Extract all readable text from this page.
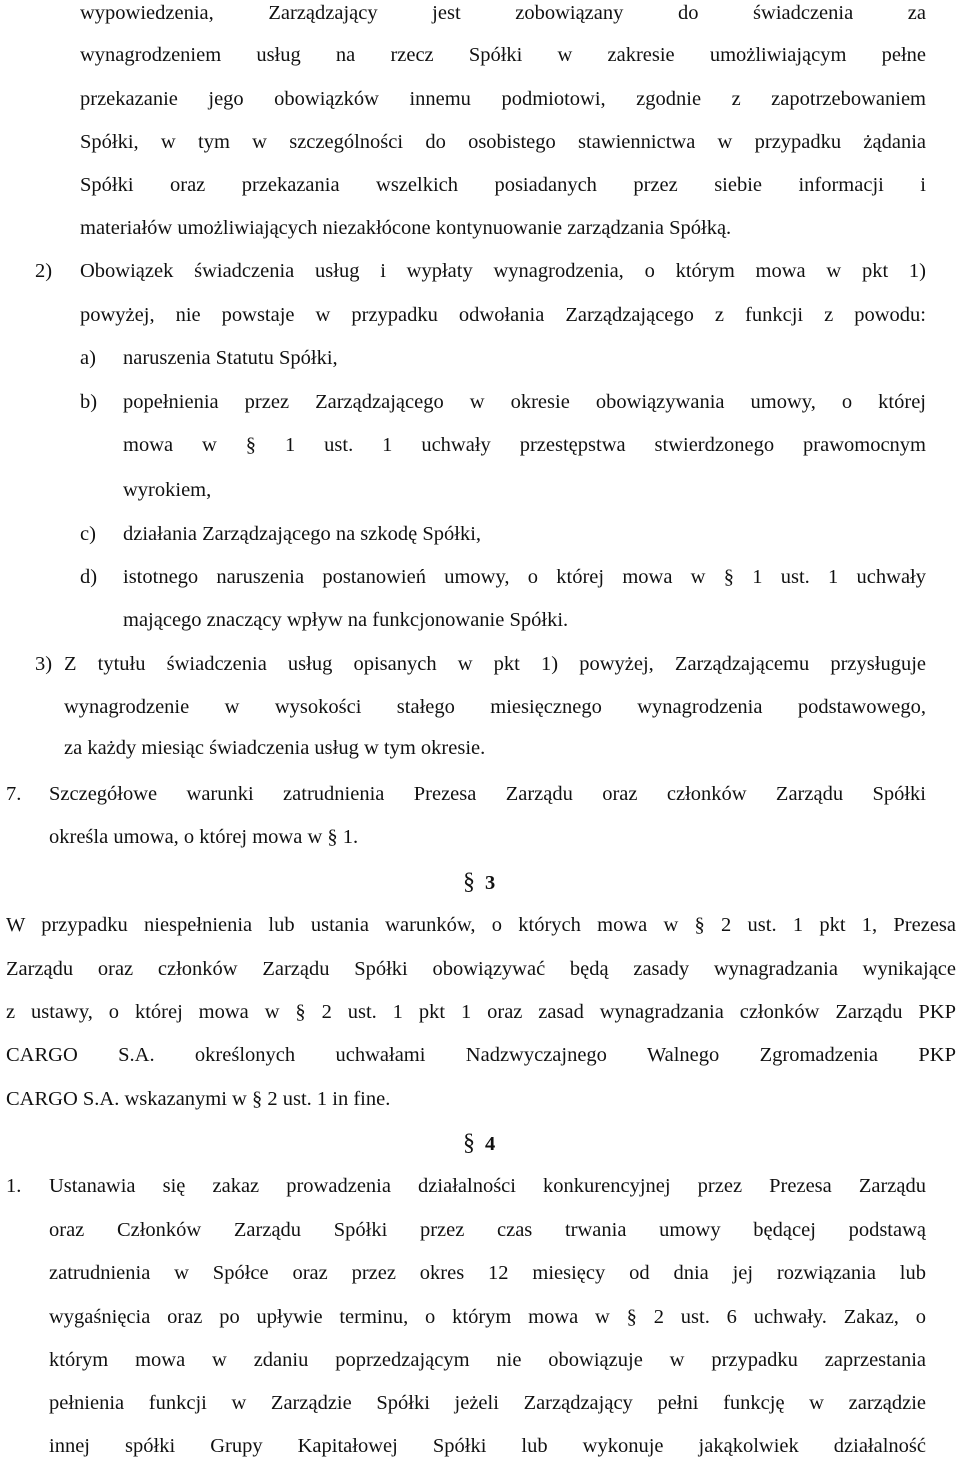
wypowiedzenia, Zarządzający jest zobowiązany do świadczenia za
wynagrodzeniem usług na rzecz Spółki w zakresie umożliwiającym pełne
przekazanie jego obowiązków innemu podmiotowi, zgodnie z zapotrzebowaniem
Spółki, w tym w szczególności do osobistego stawiennictwa w przypadku żądania
Spółki oraz przekazania wszelkich posiadanych przez siebie informacji i
materiałów umożliwiających niezakłócone kontynuowanie zarządzania Spółką.
2) Obowiązek świadczenia usług i wypłaty wynagrodzenia, o którym mowa w pkt 1)
powyżej, nie powstaje w przypadku odwołania Zarządzającego z funkcji z powodu:
a) naruszenia Statutu Spółki,
b) popełnienia przez Zarządzającego w okresie obowiązywania umowy, o której
mowa w § 1 ust. 1 uchwały przestępstwa stwierdzonego prawomocnym
wyrokiem,
c) działania Zarządzającego na szkodę Spółki,
d) istotnego naruszenia postanowień umowy, o której mowa w § 1 ust. 1 uchwały
mającego znaczący wpływ na funkcjonowanie Spółki.
3) Z tytułu świadczenia usług opisanych w pkt 1) powyżej, Zarządzającemu przysługuje
wynagrodzenie w wysokości stałego miesięcznego wynagrodzenia podstawowego,
za każdy miesiąc świadczenia usług w tym okresie.
7. Szczegółowe warunki zatrudnienia Prezesa Zarządu oraz członków Zarządu Spółki
określa umowa, o której mowa w § 1.
§ 3
W przypadku niespełnienia lub ustania warunków, o których mowa w § 2 ust. 1 pkt 1, Prezesa
Zarządu oraz członków Zarządu Spółki obowiązywać będą zasady wynagradzania wynikające
z ustawy, o której mowa w § 2 ust. 1 pkt 1 oraz zasad wynagradzania członków Zarządu PKP
CARGO S.A. określonych uchwałami Nadzwyczajnego Walnego Zgromadzenia PKP
CARGO S.A. wskazanymi w § 2 ust. 1 in fine.
§ 4
1. Ustanawia się zakaz prowadzenia działalności konkurencyjnej przez Prezesa Zarządu
oraz Członków Zarządu Spółki przez czas trwania umowy będącej podstawą
zatrudnienia w Spółce oraz przez okres 12 miesięcy od dnia jej rozwiązania lub
wygaśnięcia oraz po upływie terminu, o którym mowa w § 2 ust. 6 uchwały. Zakaz, o
którym mowa w zdaniu poprzedzającym nie obowiązuje w przypadku zaprzestania
pełnienia funkcji w Zarządzie Spółki jeżeli Zarządzający pełni funkcję w zarządzie
innej spółki Grupy Kapitałowej Spółki lub wykonuje jakąkolwiek działalność
